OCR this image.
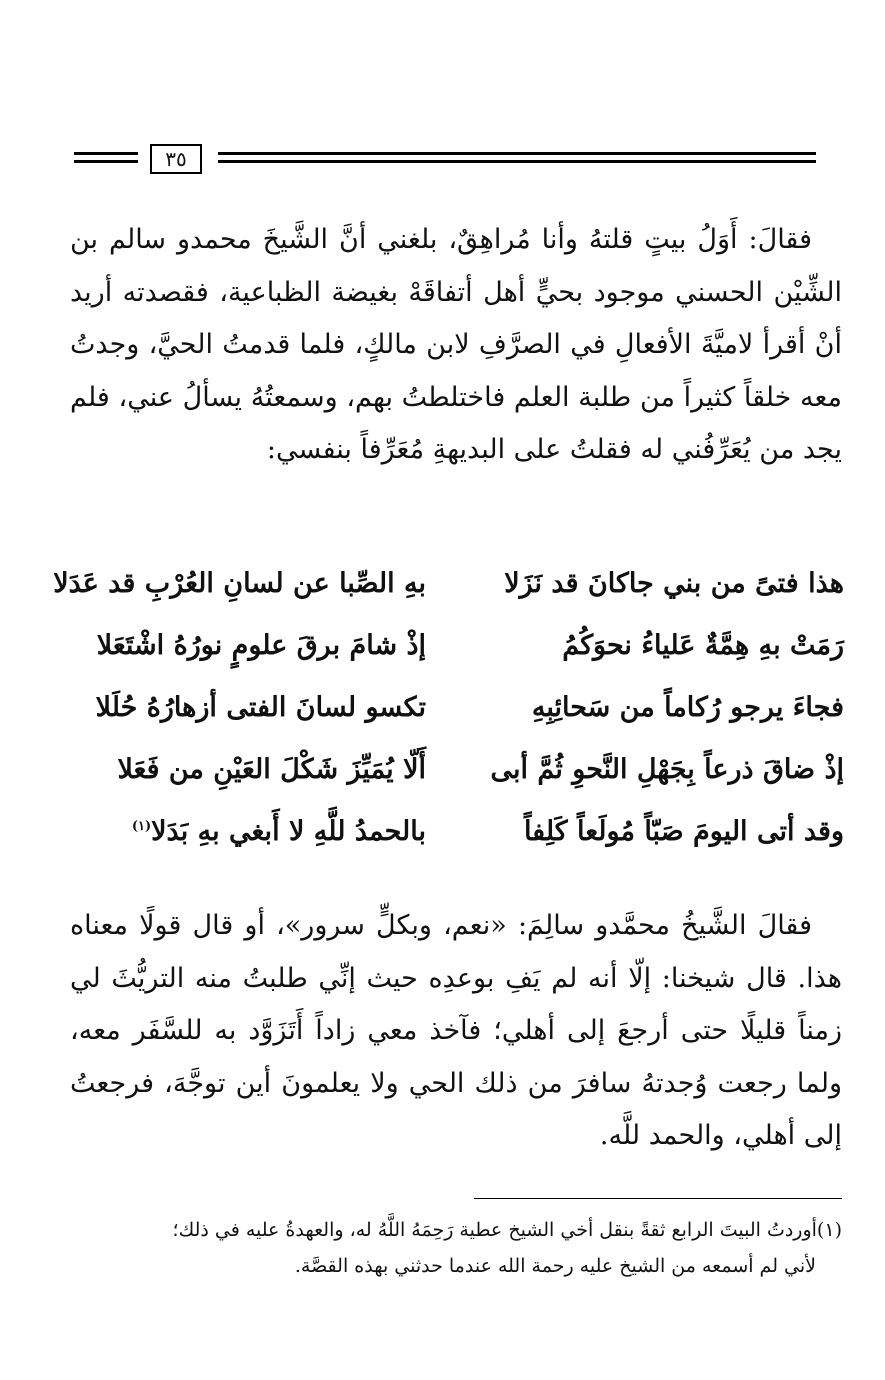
٣٥

فقالَ: أَوَلُ بيتٍ قلتهُ وأنا مُراهِقٌ، بلغني أنَّ الشَّيخَ محمدو سالم بن الشِّيْن الحسني موجود بحيٍّ أهل أتفاقَهْ بغيضة الظباعية، فقصدته أريد أنْ أقرأ لاميَّةَ الأفعالِ في الصرَّفِ لابن مالكٍ، فلما قدمتُ الحيَّ، وجدتُ معه خلقاً كثيراً من طلبة العلم فاختلطتُ بهم، وسمعتُهُ يسألُ عني، فلم يجد من يُعَرِّفُني له فقلتُ على البديهةِ مُعَرِّفاً بنفسي:

هذا فتىً من بني جاكانَ قد نَزَلا
بهِ الصِّبا عن لسانِ العُرْبِ قد عَدَلا
رَمَتْ بهِ هِمَّةٌ عَلياءُ نحوَكُمُ
إذْ شامَ برقَ علومٍ نورُهُ اشْتَعَلا
فجاءَ يرجو رُكاماً من سَحائِبِهِ
تكسو لسانَ الفتى أزهارُهُ حُلَلا
إذْ ضاقَ ذرعاً بِجَهْلِ النَّحوِ ثُمَّ أبى
أَلّا يُمَيِّزَ شَكْلَ العَيْنِ من فَعَلا
وقد أتى اليومَ صَبّاً مُولَعاً كَلِفاً
بالحمدُ للَّهِ لا أَبغي بهِ بَدَلا$^{(١)}$

فقالَ الشَّيخُ محمَّدو سالِمَ: «نعم، وبكلٍّ سرور»، أو قال قولًا معناه هذا. قال شيخنا: إلّا أنه لم يَفِ بوعدِه حيث إنِّي طلبتُ منه التريُّثَ لي زمناً قليلًا حتى أرجعَ إلى أهلي؛ فآخذ معي زاداً أَتَزَوَّد به للسَّفَر معه، ولما رجعت وُجدتهُ سافرَ من ذلك الحي ولا يعلمونَ أين توجَّهَ، فرجعتُ إلى أهلي، والحمد للَّه.

(١)أوردتُ البيتَ الرابع ثقةً بنقل أخي الشيخ عطية رَحِمَهُ اللَّهُ له، والعهدةُ عليه في ذلك؛

لأني لم أسمعه من الشيخ عليه رحمة الله عندما حدثني بهذه القصَّة.
